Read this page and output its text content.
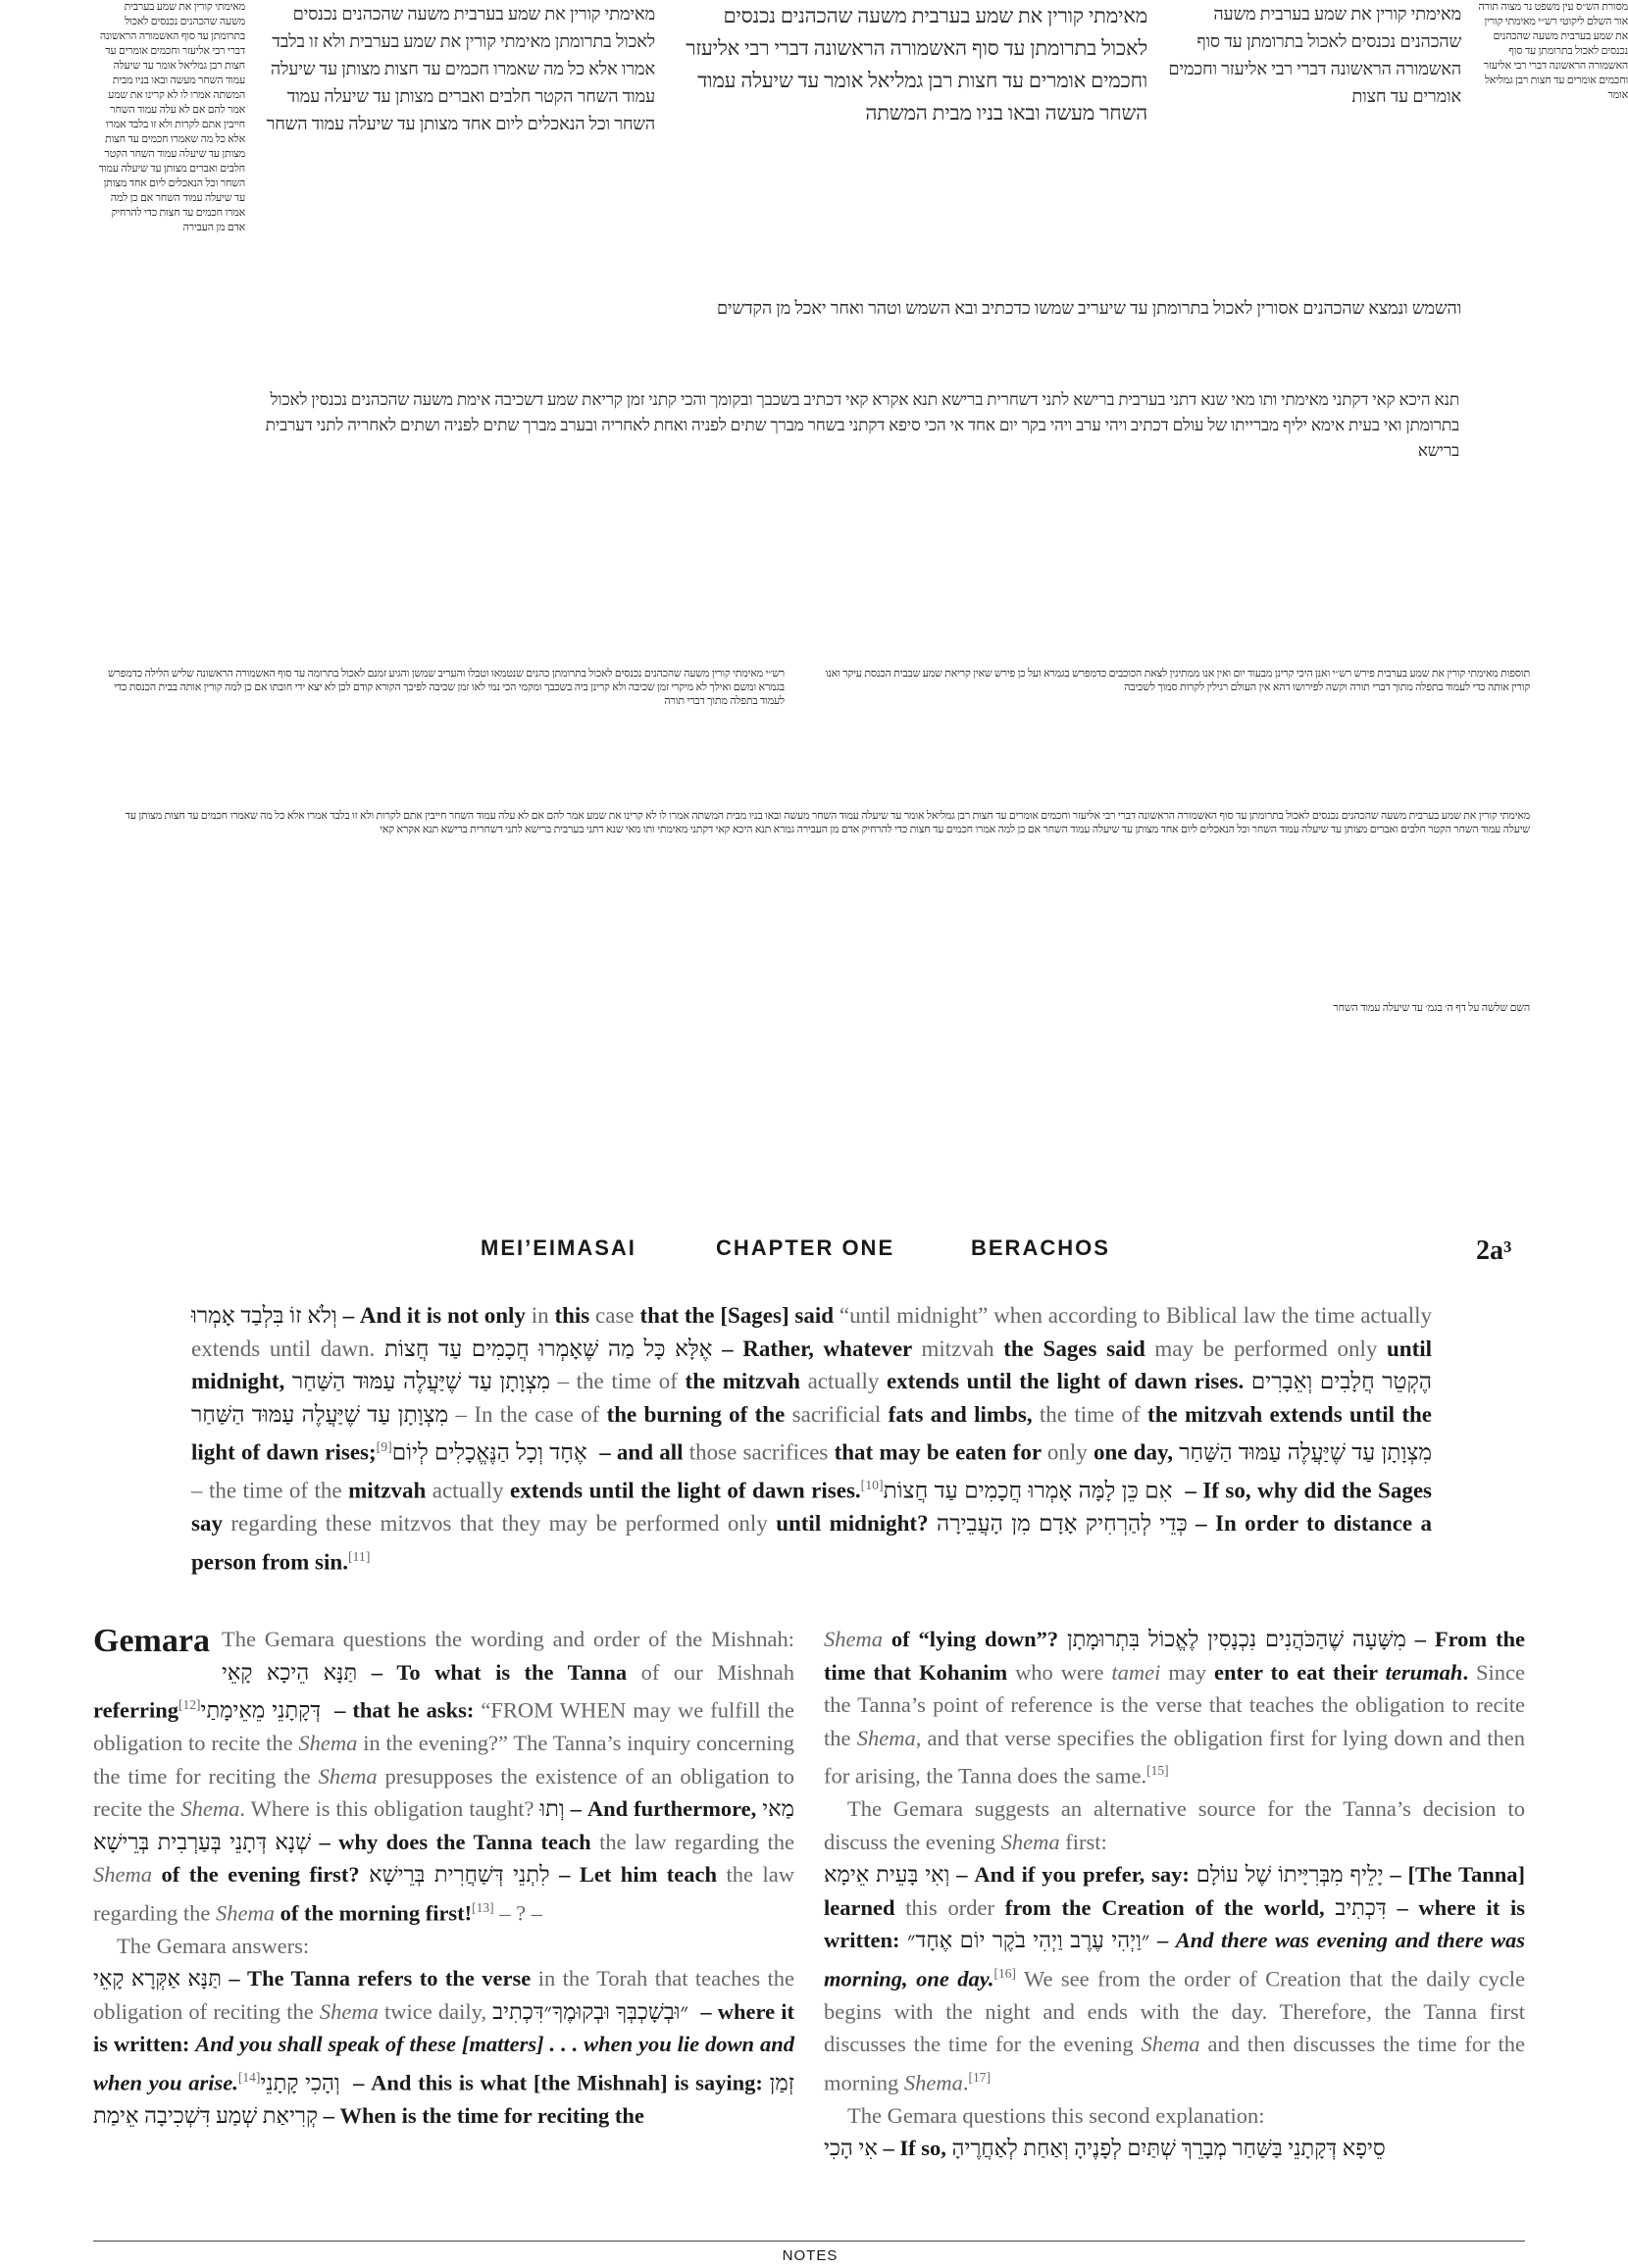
מאימתי קורין את שמע בערבית משעה שהכהנים נכנסים לאכול בתרומתן עד סוף האשמורה הראשונה דברי רבי אליעזר וחכמים אומרים עד חצות רבן גמליאל אומר עד שיעלה עמוד השחר מעשה ובאו בניו מבית המשתה אמרו לו לא קרינו את שמע אמר להם אם לא עלה עמוד השחר חייבין אתם לקרות ולא זו בלבד אמרו אלא כל מה שאמרו חכמים עד חצות מצותן עד שיעלה עמוד השחר הקטר חלבים ואברים מצותן עד שיעלה עמוד השחר וכל הנאכלים ליום אחד מצותן עד שיעלה עמוד השחר אם כן למה אמרו חכמים עד חצות כדי להרחיק אדם מן העבירה
מאימתי קורין את שמע בערבית משעה שהכהנים נכנסים לאכול בתרומתן מאימתי קורין את שמע בערבית ולא זו בלבד אמרו אלא כל מה שאמרו חכמים עד חצות מצותן עד שיעלה עמוד השחר הקטר חלבים ואברים מצותן עד שיעלה עמוד השחר וכל הנאכלים ליום אחד מצותן עד שיעלה עמוד השחר
מאימתי קורין את שמע בערבית משעה שהכהנים נכנסים לאכול בתרומתן עד סוף האשמורה הראשונה דברי רבי אליעזר וחכמים אומרים עד חצות רבן גמליאל אומר עד שיעלה עמוד השחר מעשה ובאו בניו מבית המשתה
מאימתי קורין את שמע בערבית משעה שהכהנים נכנסים לאכול בתרומתן עד סוף האשמורה הראשונה דברי רבי אליעזר וחכמים אומרים עד חצות
מסורת הש״ס עין משפט נר מצוה תורה אור השלם ליקוטי רש״י מאימתי קורין את שמע בערבית משעה שהכהנים נכנסים לאכול בתרומתן עד סוף האשמורה הראשונה דברי רבי אליעזר וחכמים אומרים עד חצות רבן גמליאל אומר
והשמש ונמצא שהכהנים אסורין לאכול בתרומתן עד שיעריב שמשו כדכתיב ובא השמש וטהר ואחר יאכל מן הקדשים
תנא היכא קאי דקתני מאימתי ותו מאי שנא דתני בערבית ברישא לתני דשחרית ברישא תנא אקרא קאי דכתיב בשכבך ובקומך והכי קתני זמן קריאת שמע דשכיבה אימת משעה שהכהנים נכנסין לאכול בתרומתן ואי בעית אימא יליף מברייתו של עולם דכתיב ויהי ערב ויהי בקר יום אחד אי הכי סיפא דקתני בשחר מברך שתים לפניה ואחת לאחריה ובערב מברך שתים לפניה ושתים לאחריה לתני דערבית ברישא
רש״י מאימתי קורין משעה שהכהנים נכנסים לאכול בתרומתן כהנים שנטמאו וטבלו והעריב שמשן והגיע זמנם לאכול בתרומה עד סוף האשמורה הראשונה שליש הלילה כדמפרש בגמרא ומשם ואילך לא מיקרי זמן שכיבה ולא קרינן ביה בשכבך ומקמי הכי נמי לאו זמן שכיבה לפיכך הקורא קודם לכן לא יצא ידי חובתו אם כן למה קורין אותה בבית הכנסת כדי לעמוד בתפלה מתוך דברי תורה
תוספות מאימתי קורין את שמע בערבית פירש רש״י ואנן היכי קרינן מבעוד יום ואין אנו ממתינין לצאת הכוכבים כדמפרש בגמרא ועל כן פירש שאין קריאת שמע שבבית הכנסת עיקר ואנו קורין אותה כדי לעמוד בתפלה מתוך דברי תורה וקשה לפירושו דהא אין העולם רגילין לקרות סמוך לשכיבה
מאימתי קורין את שמע בערבית משעה שהכהנים נכנסים לאכול בתרומתן עד סוף האשמורה הראשונה דברי רבי אליעזר וחכמים אומרים עד חצות רבן גמליאל אומר עד שיעלה עמוד השחר מעשה ובאו בניו מבית המשתה אמרו לו לא קרינו את שמע אמר להם אם לא עלה עמוד השחר חייבין אתם לקרות ולא זו בלבד אמרו אלא כל מה שאמרו חכמים עד חצות מצותן עד שיעלה עמוד השחר הקטר חלבים ואברים מצותן עד שיעלה עמוד השחר וכל הנאכלים ליום אחד מצותן עד שיעלה עמוד השחר אם כן למה אמרו חכמים עד חצות כדי להרחיק אדם מן העבירה גמרא תנא היכא קאי דקתני מאימתי ותו מאי שנא דתני בערבית ברישא לתני דשחרית ברישא תנא אקרא קאי
השם שלשה על דף ה׳ בגמ׳ עד שיעלה עמוד השחר
MEI’EIMASAI	CHAPTER ONE	BERACHOS	2a³
וְלֹא זוֹ בִּלְבַד אָמְרוּ – And it is not only in this case that the [Sages] said “until midnight” when according to Biblical law the time actually extends until dawn. אֶלָּא כָּל מַה שֶּׁאָמְרוּ חֲכָמִים עַד חֲצוֹת – Rather, whatever mitzvah the Sages said may be performed only until midnight, מִצְוָתָן עַד שֶׁיַּעֲלֶה עַמּוּד הַשַּׁחַר – the time of the mitzvah actually extends until the light of dawn rises. הֶקְטֵר חֲלָבִים וְאֵבָרִים מִצְוָתָן עַד שֶׁיַּעֲלֶה עַמּוּד הַשַּׁחַר – In the case of the burning of the sacrificial fats and limbs, the time of the mitzvah extends until the light of dawn rises;[9] וְכָל הַנֶּאֱכָלִים לְיוֹם אֶחָד – and all those sacrifices that may be eaten for only one day, מִצְוָתָן עַד שֶׁיַּעֲלֶה עַמּוּד הַשַּׁחַר – the time of the mitzvah actually extends until the light of dawn rises.[10] אִם כֵּן לָמָּה אָמְרוּ חֲכָמִים עַד חֲצוֹת – If so, why did the Sages say regarding these mitzvos that they may be performed only until midnight? כְּדֵי לְהַרְחִיק אָדָם מִן הָעֲבֵירָה – In order to distance a person from sin.[11]
Gemara The Gemara questions the wording and order of the Mishnah: תַּנָּא הֵיכָא קָאֵי – To what is the Tanna of our Mishnah referring[12] דְּקָתָנֵי מֵאֵימָתַי – that he asks: “FROM WHEN may we fulfill the obligation to recite the Shema in the evening?” The Tanna’s inquiry concerning the time for reciting the Shema presupposes the existence of an obligation to recite the Shema. Where is this obligation taught? וְתוּ – And furthermore, מַאי שְׁנָא דְּתָנֵי בְּעַרְבִית בְּרֵישָׁא – why does the Tanna teach the law regarding the Shema of the evening first? לִתְנֵי דְּשַׁחֲרִית בְּרֵישָׁא – Let him teach the law regarding the Shema of the morning first![13] – ? –

The Gemara answers:

תַּנָּא אַקְּרָא קָאֵי – The Tanna refers to the verse in the Torah that teaches the obligation of reciting the Shema twice daily, דִּכְתִיב ״וּבְשָׁכְבְּךָ וּבְקוּמֶךָ״ – where it is written: And you shall speak of these [matters] . . . when you lie down and when you arise.[14] וְהָכִי קָתָנֵי – And this is what [the Mishnah] is saying: זְמַן קְרִיאַת שְׁמַע דִּשְׁכִיבָה אֵימַת – When is the time for reciting the

Shema of “lying down”? מִשָּׁעָה שֶׁהַכֹּהֲנִים נִכְנָסִין לֶאֱכוֹל בִּתְרוּמָתָן – From the time that Kohanim who were tamei may enter to eat their terumah. Since the Tanna’s point of reference is the verse that teaches the obligation to recite the Shema, and that verse specifies the obligation first for lying down and then for arising, the Tanna does the same.[15]

The Gemara suggests an alternative source for the Tanna’s decision to discuss the evening Shema first:

וְאִי בָּעֵית אֵימָא – And if you prefer, say: יָלֵיף מִבְּרִיָּיתוֹ שֶׁל עוֹלָם – [The Tanna] learned this order from the Creation of the world, דִּכְתִיב – where it is written: ״וַיְהִי עֶרֶב וַיְהִי בֹקֶר יוֹם אֶחָד״ – And there was evening and there was morning, one day.[16] We see from the order of Creation that the daily cycle begins with the night and ends with the day. Therefore, the Tanna first discusses the time for the evening Shema and then discusses the time for the morning Shema.[17]

The Gemara questions this second explanation:

אִי הָכִי – If so, סֵיפָא דְּקָתָנֵי בַּשַּׁחַר מְבָרֵךְ שְׁתַּיִם לְפָנֶיהָ וְאַחַת לְאַחֲרֶיהָ

NOTES
